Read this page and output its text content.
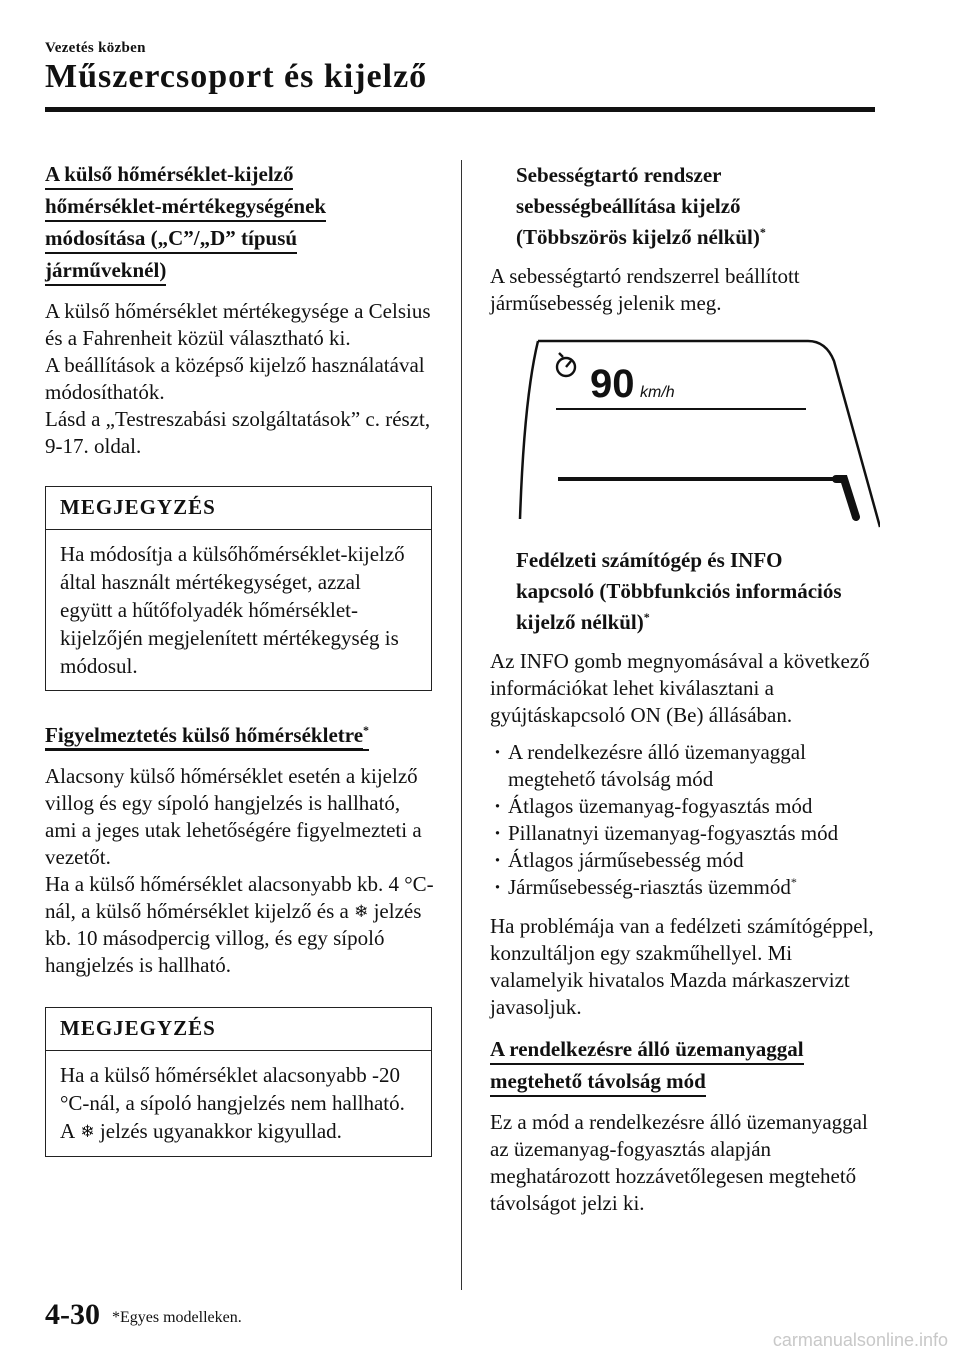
Vezetés közben
Műszercsoport és kijelző
A külső hőmérséklet-kijelző
hőmérséklet-mértékegységének
módosítása („C”/„D” típusú
járműveknél)

A külső hőmérséklet mértékegysége a Celsius és a Fahrenheit közül választható ki.
A beállítások a középső kijelző használatával módosíthatók.
Lásd a „Testreszabási szolgáltatások” c. részt, 9-17. oldal.

MEGJEGYZÉS
Ha módosítja a külsőhőmérséklet-kijelző által használt mértékegységet, azzal együtt a hűtőfolyadék hőmérséklet-kijelzőjén megjelenített mértékegység is módosul.
Figyelmeztetés külső hőmérsékletre*

Alacsony külső hőmérséklet esetén a kijelző villog és egy sípoló hangjelzés is hallható, ami a jeges utak lehetőségére figyelmezteti a vezetőt.
Ha a külső hőmérséklet alacsonyabb kb. 4 °C-nál, a külső hőmérséklet kijelző és a ❄ jelzés kb. 10 másodpercig villog, és egy sípoló hangjelzés is hallható.

MEGJEGYZÉS
Ha a külső hőmérséklet alacsonyabb -20 °C-nál, a sípoló hangjelzés nem hallható. A ❄ jelzés ugyanakkor kigyullad.
Sebességtartó rendszer
sebességbeállítása kijelző
(Többszörös kijelző nélkül)*

A sebességtartó rendszerrel beállított járműsebesség jelenik meg.

90 km/h
Fedélzeti számítógép és INFO
kapcsoló (Többfunkciós információs
kijelző nélkül)*

Az INFO gomb megnyomásával a következő információkat lehet kiválasztani a gyújtáskapcsoló ON (Be) állásában.

· A rendelkezésre álló üzemanyaggal megtehető távolság mód
· Átlagos üzemanyag-fogyasztás mód
· Pillanatnyi üzemanyag-fogyasztás mód
· Átlagos járműsebesség mód
· Járműsebesség-riasztás üzemmód*

Ha problémája van a fedélzeti számítógéppel, konzultáljon egy szakműhellyel. Mi valamelyik hivatalos Mazda márkaszervizt javasoljuk.

A rendelkezésre álló üzemanyaggal
megtehető távolság mód

Ez a mód a rendelkezésre álló üzemanyaggal az üzemanyag-fogyasztás alapján meghatározott hozzávetőlegesen megtehető távolságot jelzi ki.

4-30 *Egyes modelleken.
carmanualsonline.info
